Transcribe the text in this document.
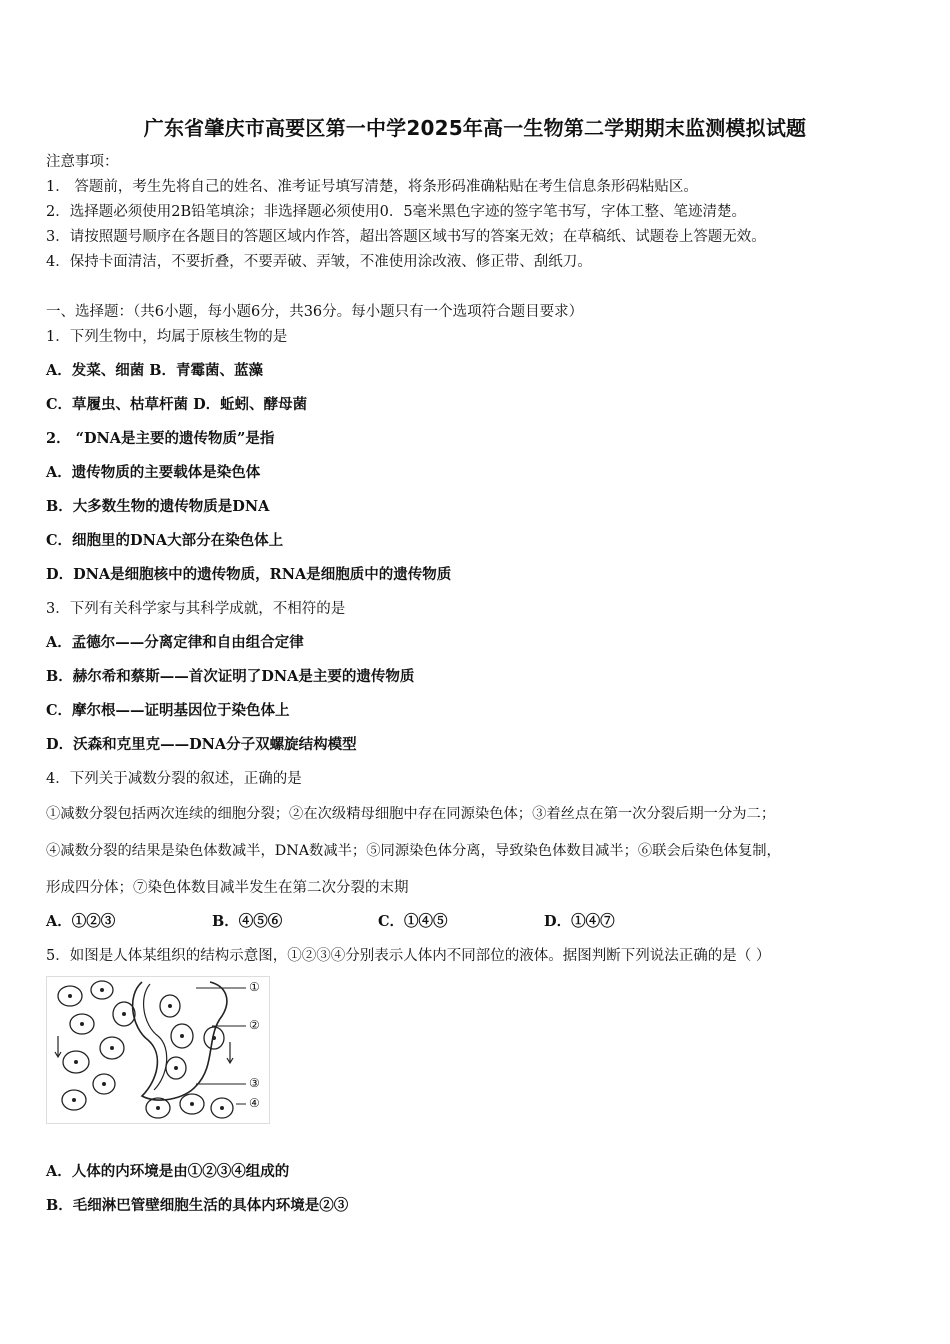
广东省肇庆市高要区第一中学2025年高一生物第二学期期末监测模拟试题
注意事项：
1． 答题前，考生先将自己的姓名、准考证号填写清楚，将条形码准确粘贴在考生信息条形码粘贴区。
2．选择题必须使用2B铅笔填涂；非选择题必须使用0．5毫米黑色字迹的签字笔书写，字体工整、笔迹清楚。
3．请按照题号顺序在各题目的答题区域内作答，超出答题区域书写的答案无效；在草稿纸、试题卷上答题无效。
4．保持卡面清洁，不要折叠，不要弄破、弄皱，不准使用涂改液、修正带、刮纸刀。
一、选择题：（共6小题，每小题6分，共36分。每小题只有一个选项符合题目要求）
1．下列生物中，均属于原核生物的是
A．发菜、细菌 B．青霉菌、蓝藻
C．草履虫、枯草杆菌 D．蚯蚓、酵母菌
2． “DNA是主要的遗传物质”是指
A．遗传物质的主要载体是染色体
B．大多数生物的遗传物质是DNA
C．细胞里的DNA大部分在染色体上
D．DNA是细胞核中的遗传物质，RNA是细胞质中的遗传物质
3．下列有关科学家与其科学成就，不相符的是
A．孟德尔——分离定律和自由组合定律
B．赫尔希和蔡斯——首次证明了DNA是主要的遗传物质
C．摩尔根——证明基因位于染色体上
D．沃森和克里克——DNA分子双螺旋结构模型
4．下列关于减数分裂的叙述，正确的是
①减数分裂包括两次连续的细胞分裂；②在次级精母细胞中存在同源染色体；③着丝点在第一次分裂后期一分为二；
④减数分裂的结果是染色体数减半，DNA数减半；⑤同源染色体分离，导致染色体数目减半；⑥联会后染色体复制，
形成四分体；⑦染色体数目减半发生在第二次分裂的末期
A．①②③	B．④⑤⑥	C．①④⑤	D．①④⑦
5．如图是人体某组织的结构示意图，①②③④分别表示人体内不同部位的液体。据图判断下列说法正确的是（ ）
①
②
③
④
A．人体的内环境是由①②③④组成的
B．毛细淋巴管壁细胞生活的具体内环境是②③
